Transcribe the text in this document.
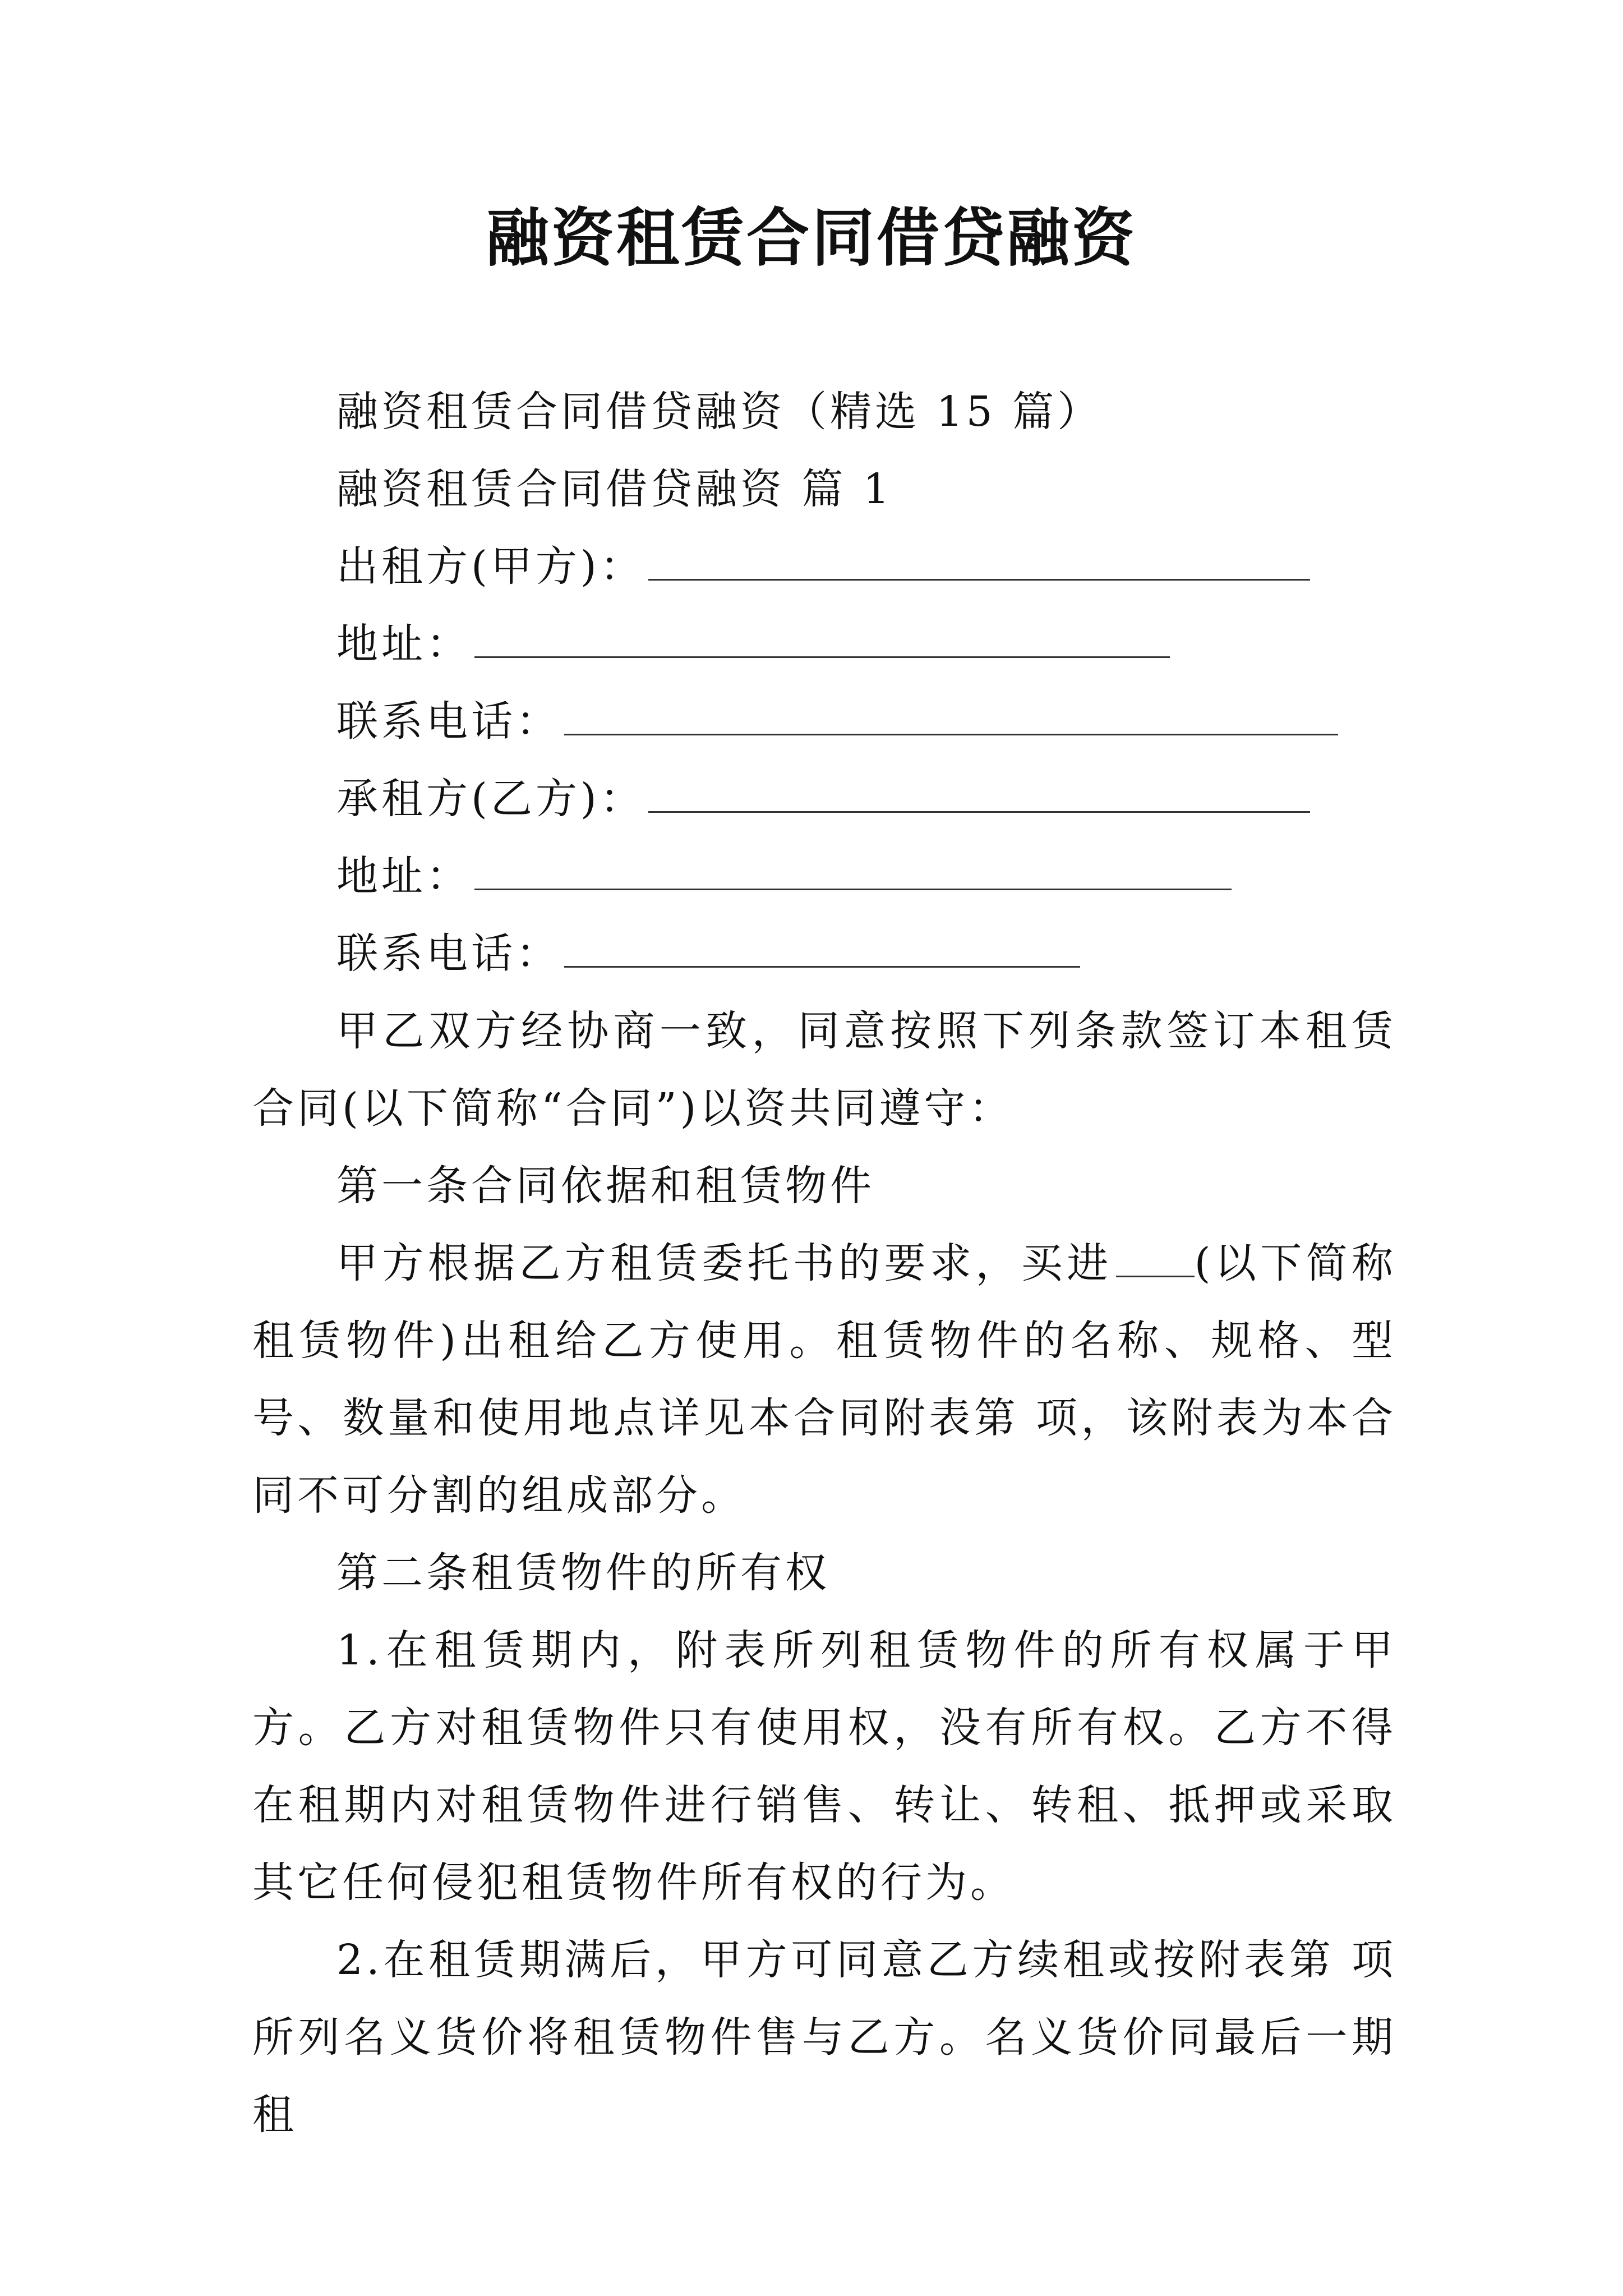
融资租赁合同借贷融资

融资租赁合同借贷融资（精选 15 篇）

融资租赁合同借贷融资 篇 1

出租方(甲方)：

地址：

联系电话：

承租方(乙方)：

地址：

联系电话：

甲乙双方经协商一致，同意按照下列条款签订本租赁合同(以下简称“合同”)以资共同遵守：

第一条合同依据和租赁物件

甲方根据乙方租赁委托书的要求，买进 (以下简称租赁物件)出租给乙方使用。租赁物件的名称、规格、型号、数量和使用地点详见本合同附表第 项，该附表为本合同不可分割的组成部分。

第二条租赁物件的所有权

1.在租赁期内，附表所列租赁物件的所有权属于甲方。乙方对租赁物件只有使用权，没有所有权。乙方不得在租期内对租赁物件进行销售、转让、转租、抵押或采取其它任何侵犯租赁物件所有权的行为。

2.在租赁期满后，甲方可同意乙方续租或按附表第 项所列名义货价将租赁物件售与乙方。名义货价同最后一期租
